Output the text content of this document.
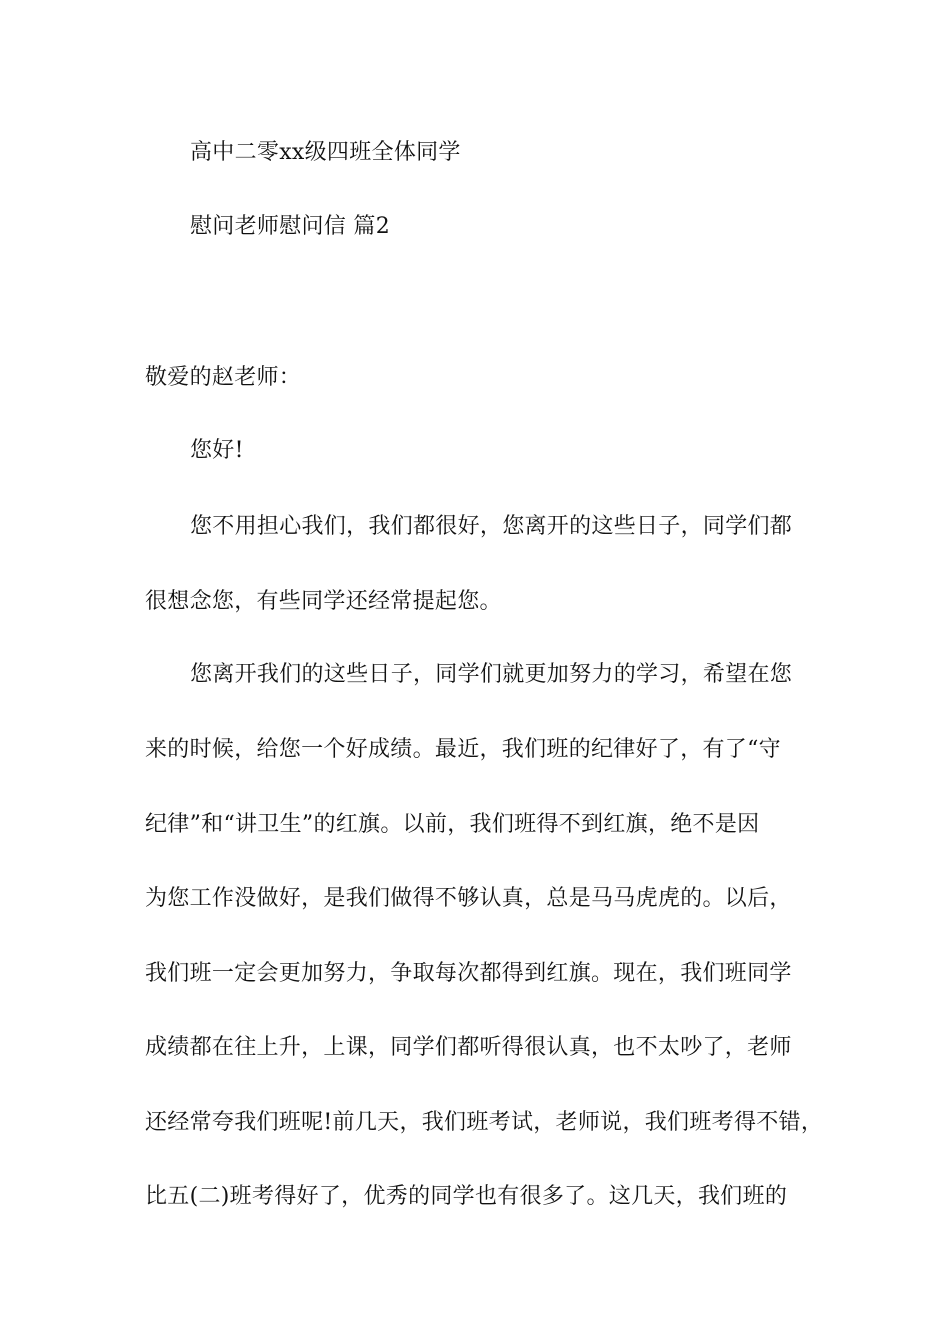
高中二零xx级四班全体同学
慰问老师慰问信 篇2
敬爱的赵老师：
您好!
您不用担心我们，我们都很好，您离开的这些日子，同学们都
很想念您，有些同学还经常提起您。
您离开我们的这些日子，同学们就更加努力的学习，希望在您
来的时候，给您一个好成绩。最近，我们班的纪律好了，有了“守
纪律”和“讲卫生”的红旗。以前，我们班得不到红旗，绝不是因
为您工作没做好，是我们做得不够认真，总是马马虎虎的。以后，
我们班一定会更加努力，争取每次都得到红旗。现在，我们班同学
成绩都在往上升，上课，同学们都听得很认真，也不太吵了，老师
还经常夸我们班呢!前几天，我们班考试，老师说，我们班考得不错，
比五(二)班考得好了，优秀的同学也有很多了。这几天，我们班的
